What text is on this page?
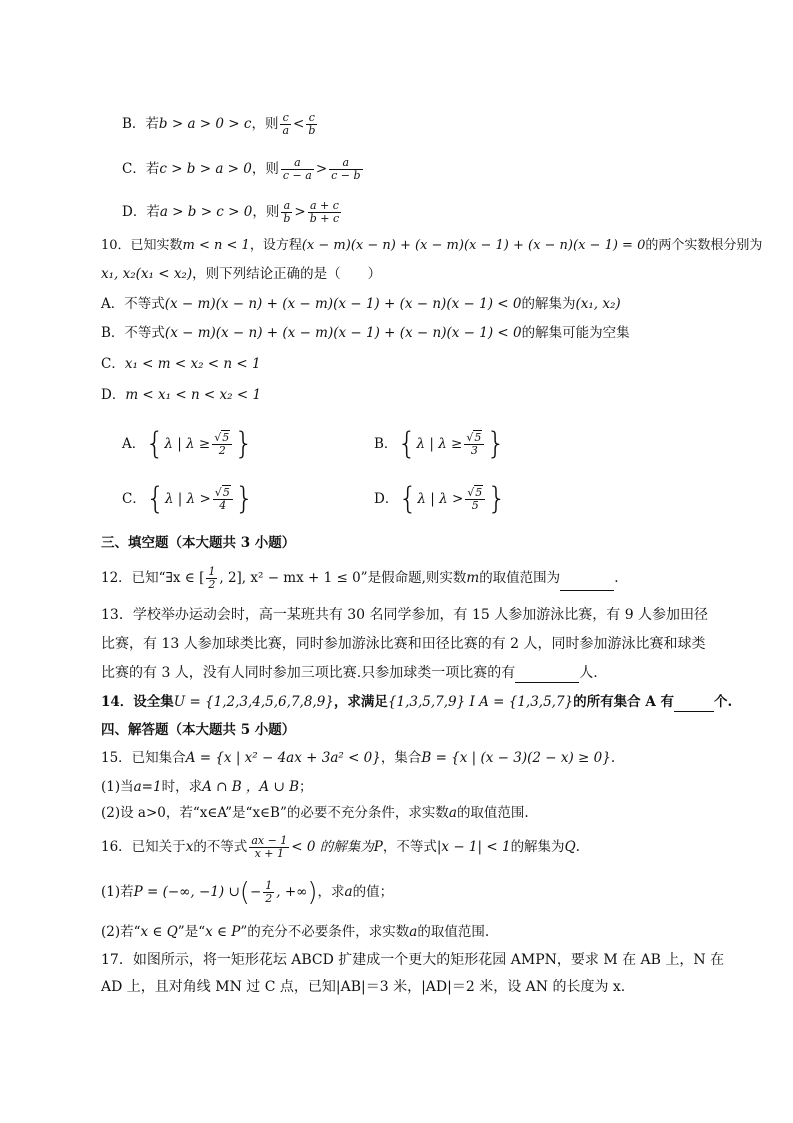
B．若b > a > 0 > c，则 $\frac{c}{a} < \frac{c}{b}$
C．若c > b > a > 0，则 $\frac{a}{c - a} > \frac{a}{c - b}$
D．若a > b > c > 0，则 $\frac{a}{b} > \frac{a + c}{b + c}$
10．已知实数m < n < 1，设方程(x − m)(x − n) + (x − m)(x − 1) + (x − n)(x − 1) = 0的两个实数根分别为
x₁, x₂(x₁ < x₂)，则下列结论正确的是（　　）
A．不等式(x − m)(x − n) + (x − m)(x − 1) + (x − n)(x − 1) < 0的解集为(x₁, x₂)
B．不等式(x − m)(x − n) + (x − m)(x − 1) + (x − n)(x − 1) < 0的解集可能为空集
C．x₁ < m < x₂ < n < 1
D．m < x₁ < n < x₂ < 1
A．{λ | $\lambda \ge \frac{√5}{2}$ }	B．{λ | $\lambda \ge \frac{√5}{3}$ }
C．{λ | $\lambda > \frac{√5}{4}$ }	D．{λ | $\lambda > \frac{√5}{5}$ }
三、填空题（本大题共 3 小题）
12．已知“∃x ∈ [ $\frac{1}{2}$ , 2], x² − mx + 1 ≤ 0”是假命题,则实数m的取值范围为	.
13．学校举办运动会时，高一某班共有 30 名同学参加，有 15 人参加游泳比赛，有 9 人参加田径
比赛，有 13 人参加球类比赛，同时参加游泳比赛和田径比赛的有 2 人，同时参加游泳比赛和球类
比赛的有 3 人，没有人同时参加三项比赛.只参加球类一项比赛的有	人.
14．设全集U = {1,2,3,4,5,6,7,8,9}，求满足{1,3,5,7,9} I A = {1,3,5,7}的所有集合 A 有	个.
四、解答题（本大题共 5 小题）
15．已知集合A = {x | x² − 4ax + 3a² < 0}，集合B = {x | (x − 3)(2 − x) ≥ 0}.
(1)当a=1时，求A ∩ B ，A ∪ B；
(2)设 a>0，若“x∈A”是“x∈B”的必要不充分条件，求实数a的取值范围.
16．已知关于x的不等式 $\frac{ax - 1}{x + 1} < 0$ 的解集为P，不等式|x − 1| < 1的解集为Q.
(1)若P = (−∞, −1) ∪(− $\frac{1}{2}$ , +∞)，求a的值；
(2)若“x ∈ Q”是“x ∈ P”的充分不必要条件，求实数a的取值范围.
17．如图所示，将一矩形花坛 ABCD 扩建成一个更大的矩形花园 AMPN，要求 M 在 AB 上，N 在
AD 上，且对角线 MN 过 C 点，已知|AB|＝3 米，|AD|＝2 米，设 AN 的长度为 x.
